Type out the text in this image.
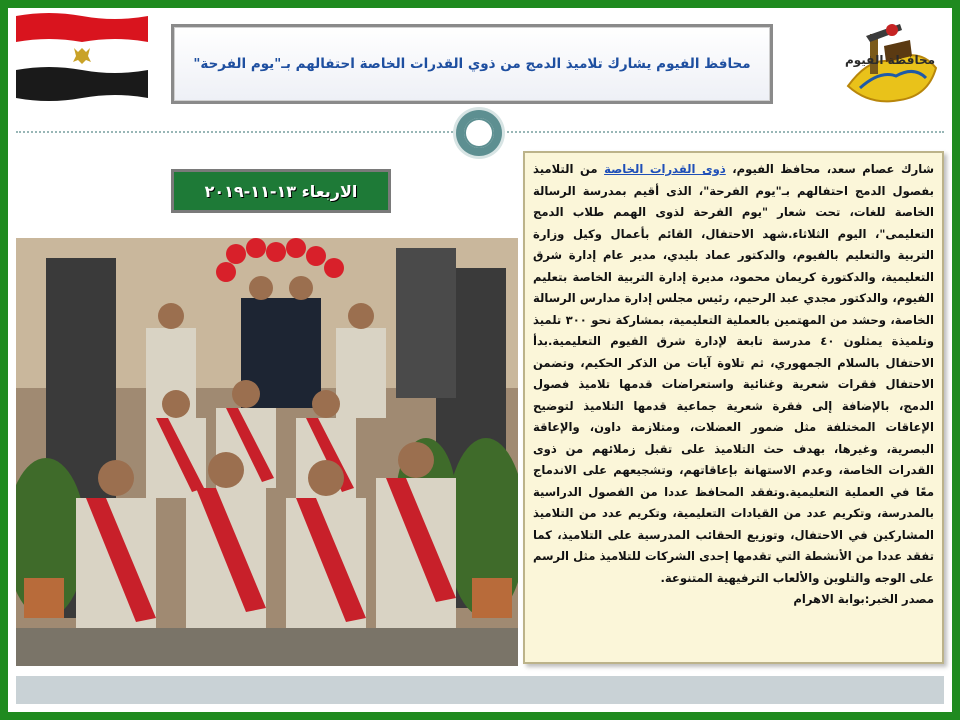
محافظ الفيوم يشارك تلاميذ الدمج من ذوي القدرات الخاصة احتفالهم بـ"يوم الفرحة"	محافظة الفيوم
الاربعاء ١٣-١١-٢٠١٩

شارك عصام سعد، محافظ الفيوم، ذوى القدرات الخاصة من التلاميذ بفصول الدمج احتفالهم بـ"يوم الفرحة"، الذى أقيم بمدرسة الرسالة الخاصة للغات، تحت شعار "يوم الفرحة لذوى الهمم طلاب الدمج التعليمى"، اليوم الثلاثاء.شهد الاحتفال، القائم بأعمال وكيل وزارة التربية والتعليم بالفيوم، والدكتور عماد بليدي، مدير عام إدارة شرق التعليمية، والدكتورة كريمان محمود، مديرة إدارة التربية الخاصة بتعليم الفيوم، والدكتور مجدي عبد الرحيم، رئيس مجلس إدارة مدارس الرسالة الخاصة، وحشد من المهتمين بالعملية التعليمية، بمشاركة نحو ٣٠٠ تلميذ وتلميذة يمثلون ٤٠ مدرسة تابعة لإدارة شرق الفيوم التعليمية.بدأ الاحتفال بالسلام الجمهوري، ثم تلاوة آيات من الذكر الحكيم، وتضمن الاحتفال فقرات شعرية وغنائية واستعراضات قدمها تلاميذ فصول الدمج، بالإضافة إلى فقرة شعرية جماعية قدمها التلاميذ لتوضيح الإعاقات المختلفة مثل ضمور العضلات، ومتلازمة داون، والإعاقة البصرية، وغيرها، بهدف حث التلاميذ على تقبل زملائهم من ذوى القدرات الخاصة، وعدم الاستهانة بإعاقاتهم، وتشجيعهم على الاندماج معًا في العملية التعليمية.وتفقد المحافظ عددا من الفصول الدراسية بالمدرسة، وتكريم عدد من القيادات التعليمية، وتكريم عدد من التلاميذ المشاركين في الاحتفال، وتوزيع الحقائب المدرسية على التلاميذ، كما تفقد عددا من الأنشطة التي تقدمها إحدى الشركات للتلاميذ مثل الرسم على الوجه والتلوين والألعاب الترفيهية المتنوعة.

مصدر الخبر:بوابة الاهرام
